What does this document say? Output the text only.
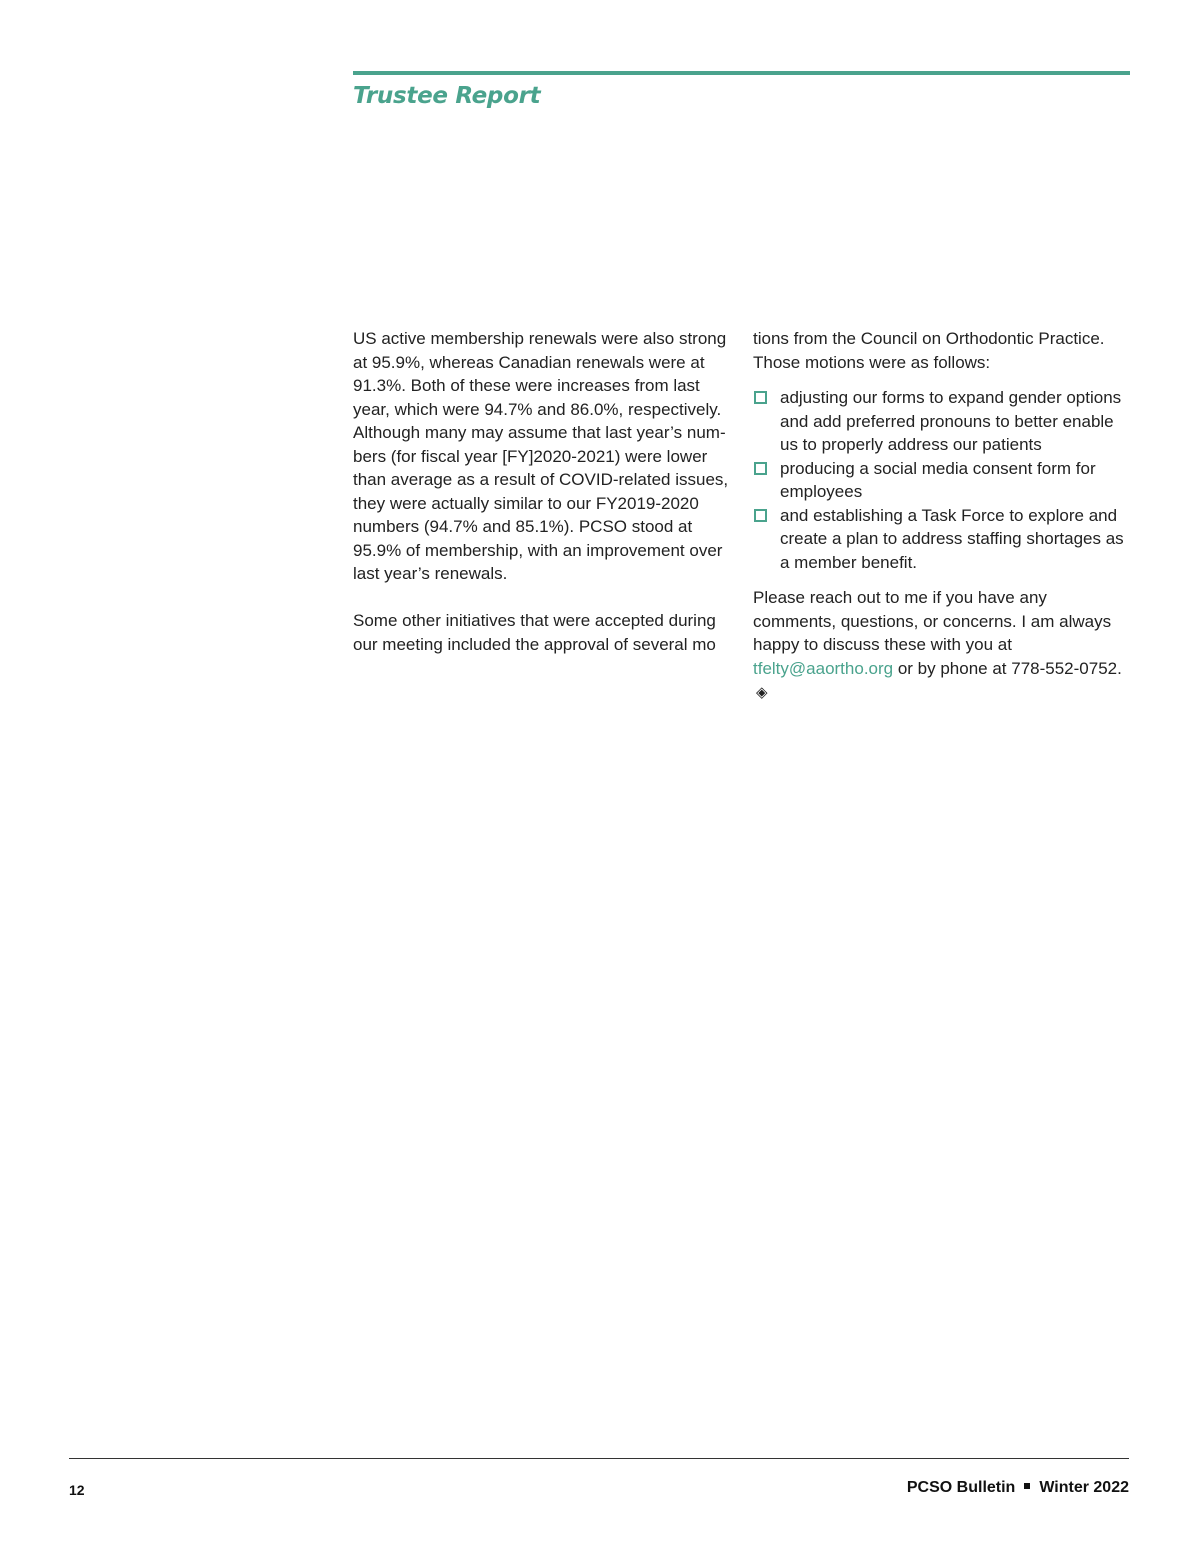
Trustee Report

US active membership renewals were also strong at 95.9%, whereas Canadian renewals were at 91.3%. Both of these were increases from last year, which were 94.7% and 86.0%, respectively. Although many may assume that last year’s numbers (for fiscal year [FY]2020-2021) were lower than average as a result of COVID-related issues, they were actually similar to our FY2019-2020 numbers (94.7% and 85.1%). PCSO stood at 95.9% of membership, with an improvement over last year’s renewals.

Some other initiatives that were accepted during our meeting included the approval of several mo

tions from the Council on Orthodontic Practice. Those motions were as follows:

adjusting our forms to expand gender options and add preferred pronouns to better enable us to properly address our patients
producing a social media consent form for employees
and establishing a Task Force to explore and create a plan to address staffing shortages as a member benefit.

Please reach out to me if you have any comments, questions, or concerns. I am always happy to discuss these with you at tfelty@aaortho.org or by phone at 778-552-0752.◈

12	PCSO Bulletin Winter 2022
